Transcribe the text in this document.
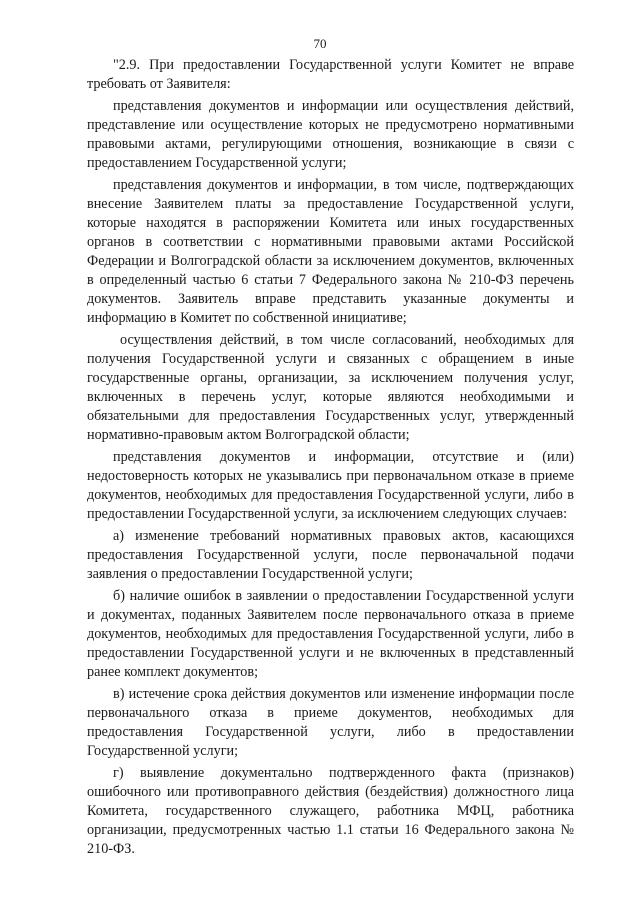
70

"2.9. При предоставлении Государственной услуги Комитет не вправе требовать от Заявителя:

представления документов и информации или осуществления действий, представление или осуществление которых не предусмотрено нормативными правовыми актами, регулирующими отношения, возникающие в связи с предоставлением Государственной услуги;

представления документов и информации, в том числе, подтверждающих внесение Заявителем платы за предоставление Государственной услуги, которые находятся в распоряжении Комитета или иных государственных органов в соответствии с нормативными правовыми актами Российской Федерации и Волгоградской области за исключением документов, включенных в определенный частью 6 статьи 7 Федерального закона № 210-ФЗ перечень документов. Заявитель вправе представить указанные документы и информацию в Комитет по собственной инициативе;

осуществления действий, в том числе согласований, необходимых для получения Государственной услуги и связанных с обращением в иные государственные органы, организации, за исключением получения услуг, включенных в перечень услуг, которые являются необходимыми и обязательными для предоставления Государственных услуг, утвержденный нормативно-правовым актом Волгоградской области;

представления документов и информации, отсутствие и (или) недостоверность которых не указывались при первоначальном отказе в приеме документов, необходимых для предоставления Государственной услуги, либо в предоставлении Государственной услуги, за исключением следующих случаев:

а) изменение требований нормативных правовых актов, касающихся предоставления Государственной услуги, после первоначальной подачи заявления о предоставлении Государственной услуги;

б) наличие ошибок в заявлении о предоставлении Государственной услуги и документах, поданных Заявителем после первоначального отказа в приеме документов, необходимых для предоставления Государственной услуги, либо в предоставлении Государственной услуги и не включенных в представленный ранее комплект документов;

в) истечение срока действия документов или изменение информации после первоначального отказа в приеме документов, необходимых для предоставления Государственной услуги, либо в предоставлении Государственной услуги;

г) выявление документально подтвержденного факта (признаков) ошибочного или противоправного действия (бездействия) должностного лица Комитета, государственного служащего, работника МФЦ, работника организации, предусмотренных частью 1.1 статьи 16 Федерального закона № 210-ФЗ.
